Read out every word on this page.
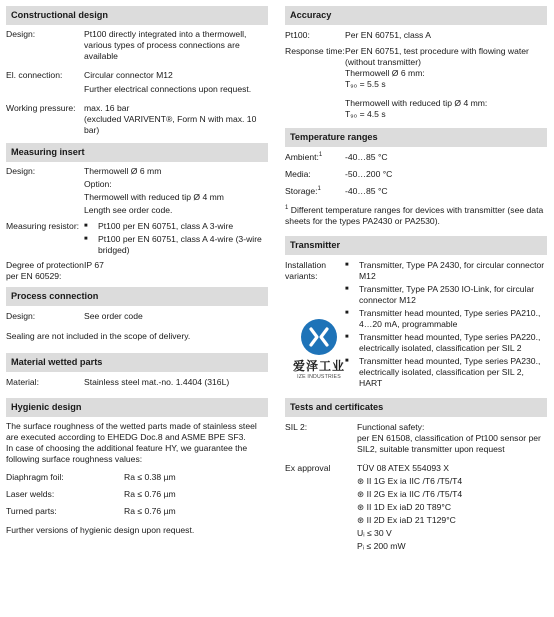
Constructional design
Design:	Pt100 directly integrated into a thermowell, various types of process connections are available
El. connection:	Circular connector M12

Further electrical connections upon request.

Working pressure: max. 16 bar

(excluded VARIVENT®, Form N with max. 10 bar)

Measuring insert
Design:	Thermowell Ø 6 mm

Option:

Thermowell with reduced tip Ø 4 mm

Length see order code.

Measuring resistor: ■	Pt100 per EN 60751, class A 3-wire
■	Pt100 per EN 60751, class A 4-wire (3-wire bridged)
Degree of protection per EN 60529:
IP 67
Process connection
Design:	See order code
Sealing are not included in the scope of delivery.
Material wetted parts
Material:	Stainless steel mat.-no. 1.4404 (316L)
Hygienic design
The surface roughness of the wetted parts made of stainless steel are executed according to EHEDG Doc.8 and ASME BPE SF3.
In case of choosing the additional feature HY, we guarantee the following surface roughness values:
Diaphragm foil:	Ra ≤ 0.38 µm
Laser welds:	Ra ≤ 0.76 µm
Turned parts:	Ra ≤ 0.76 µm
Further versions of hygienic design upon request.
Accuracy
Pt100:	Per EN 60751, class A
Response time: Per EN 60751, test procedure with flowing water (without transmitter)

Thermowell Ø 6 mm:

T₉₀ = 5.5 s

Thermowell with reduced tip Ø 4 mm:

T₉₀ = 4.5 s

Temperature ranges
Ambient:$^1$	-40…85 °C
Media:	-50…200 °C
Storage:$^1$	-40…85 °C
$^1$ Different temperature ranges for devices with transmitter (see data sheets for the types PA2430 or PA2530).
Transmitter
Installation variants:
■	Transmitter, Type PA 2430, for circular connector M12
■	Transmitter, Type PA 2530 IO-Link, for circular connector M12
■	Transmitter head mounted, Type series PA210., 4…20 mA, programmable
■	Transmitter head mounted, Type series PA220., electrically isolated, classification per SIL 2
■	Transmitter head mounted, Type series PA230., electrically isolated, classification per SIL 2, HART
爱泽工业
IZE INDUSTRIES
Tests and certificates
SIL 2:	Functional safety:

per EN 61508, classification of Pt100 sensor per SIL2, suitable transmitter upon request

Ex approval	TÜV 08 ATEX 554093 X

⊛ II 1G Ex ia IIC /T6 /T5/T4

⊛ II 2G Ex ia IIC /T6 /T5/T4

⊛ II 1D Ex iaD 20 T89°C

⊛ II 2D Ex iaD 21 T129°C

Uᵢ ≤ 30 V

Pᵢ ≤ 200 mW
